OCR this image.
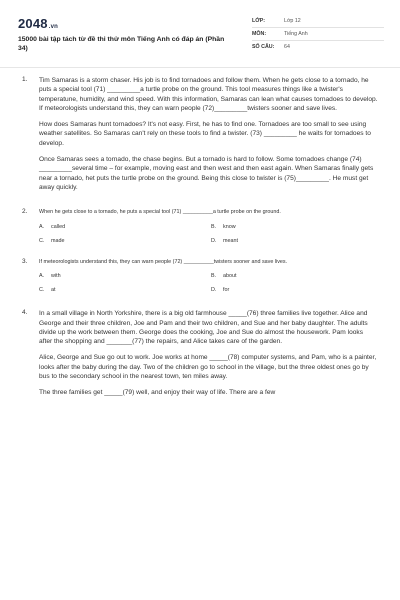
2048.vn
15000 bài tập tách từ đề thi thử môn Tiếng Anh có đáp án (Phần 34)
LỚP:	Lớp 12
MÔN:	Tiếng Anh
SỐ CÂU:	64
1. Tim Samaras is a storm chaser. His job is to find tornadoes and follow them. When he gets close to a tornado, he puts a special tool (71) _________a turtle probe on the ground. This tool measures things like a twister's temperatune, humidity, and wind speed. With this information, Samaras can lean what causes tornadoes to develop. If meteorologists understand this, they can warn people (72)_________twisters sooner and save lives.

How does Samaras hunt tornadoes? It's not easy. First, he has to find one. Tornadoes are too small to see using weather satellites. So Samaras can't rely on these tools to find a twister. (73) _________ he waits for tornadoes to develop.

Once Samaras sees a tornado, the chase begins. But a tornado is hard to follow. Some tornadoes change (74) _________several time – for example, moving east and then west and then east again. When Samaras finally gets near a tornado, het puts the turtle probe on the ground. Being this close to twister is (75)_________. He must get away quickly.

2. When he gets close to a tornado, he puts a special tool (71) __________a turtle probe on the ground.

A. called	B. know
C. made	D. meant
3. If meteorologists understand this, they can warn people (72) __________twisters sooner and save lives.

A. with	B. about
C. at	D. for
4. In a small village in North Yorkshire, there is a big old farmhouse _____(76) three families live together. Alice and George and their three children, Joe and Pam and their two children, and Sue and her baby daughter. The adults divide up the work between them. George does the cooking, Joe and Sue do almost the housework. Pam looks after the shopping and _______(77) the repairs, and Alice takes care of the garden.

Alice, George and Sue go out to work. Joe works at home _____(78) computer systems, and Pam, who is a painter, looks after the baby during the day. Two of the children go to school in the village, but the three oldest ones go by bus to the secondary school in the nearest town, ten miles away.

The three families get _____(79) well, and enjoy their way of life. There are a few
